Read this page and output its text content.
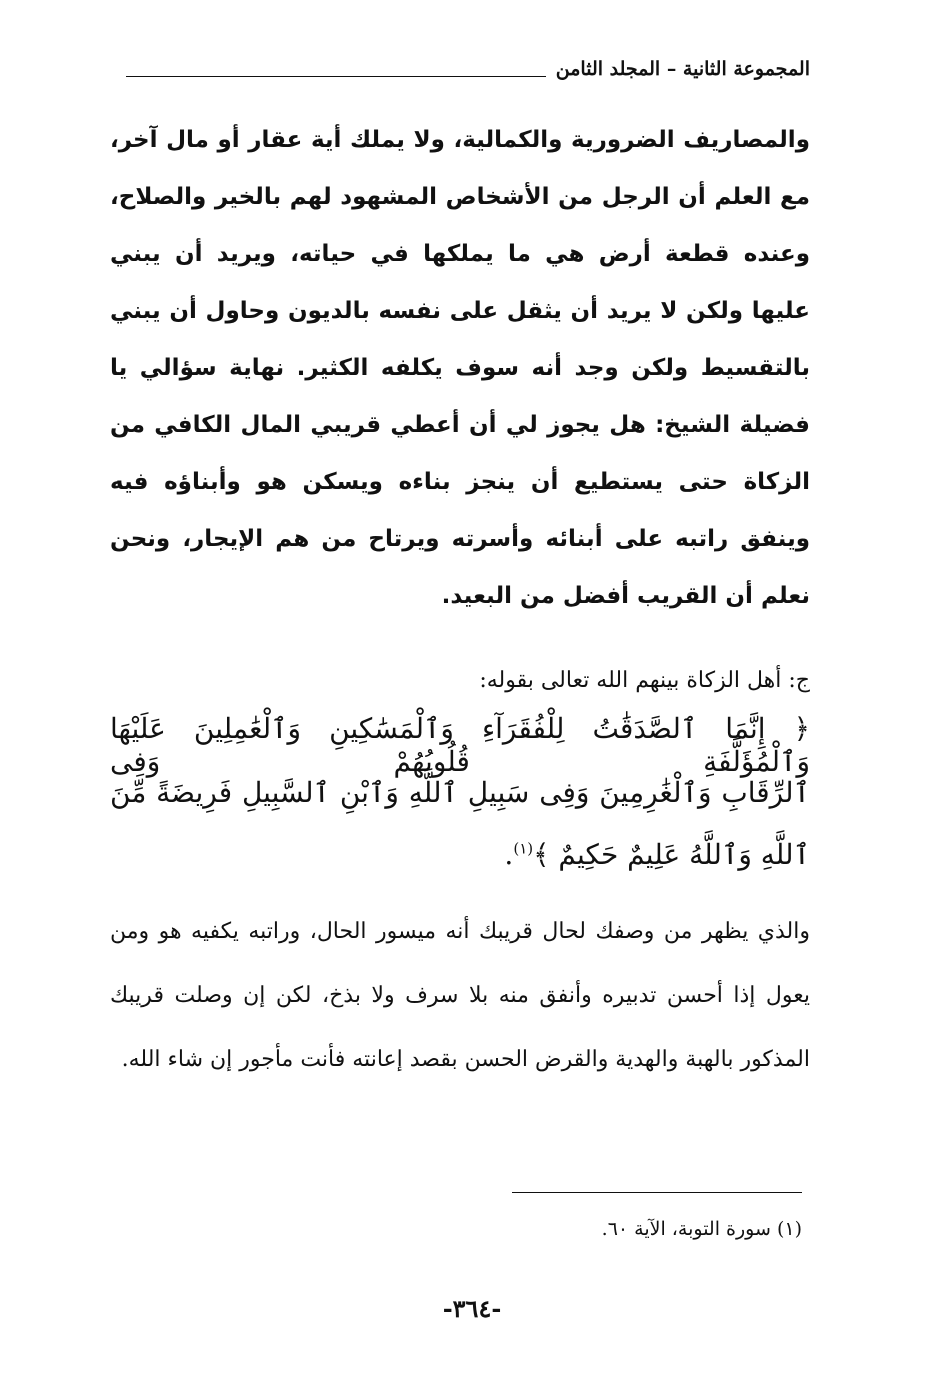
المجموعة الثانية – المجلد الثامن

والمصاريف الضرورية والكمالية، ولا يملك أية عقار أو مال آخر، مع العلم أن الرجل من الأشخاص المشهود لهم بالخير والصلاح، وعنده قطعة أرض هي ما يملكها في حياته، ويريد أن يبني عليها ولكن لا يريد أن يثقل على نفسه بالديون وحاول أن يبني بالتقسيط ولكن وجد أنه سوف يكلفه الكثير. نهاية سؤالي يا فضيلة الشيخ: هل يجوز لي أن أعطي قريبي المال الكافي من الزكاة حتى يستطيع أن ينجز بناءه ويسكن هو وأبناؤه فيه وينفق راتبه على أبنائه وأسرته ويرتاح من هم الإيجار، ونحن نعلم أن القريب أفضل من البعيد.

ج: أهل الزكاة بينهم الله تعالى بقوله:

﴿ إِنَّمَا ٱلصَّدَقَٰتُ لِلْفُقَرَآءِ وَٱلْمَسَٰكِينِ وَٱلْعَٰمِلِينَ عَلَيْهَا وَٱلْمُؤَلَّفَةِ قُلُوبُهُمْ وَفِى

ٱلرِّقَابِ وَٱلْغَٰرِمِينَ وَفِى سَبِيلِ ٱللَّهِ وَٱبْنِ ٱلسَّبِيلِ فَرِيضَةً مِّنَ

ٱللَّهِ وَٱللَّهُ عَلِيمٌ حَكِيمٌ ﴾$^{(١)}$.

والذي يظهر من وصفك لحال قريبك أنه ميسور الحال، وراتبه يكفيه هو ومن يعول إذا أحسن تدبيره وأنفق منه بلا سرف ولا بذخ، لكن إن وصلت قريبك المذكور بالهبة والهدية والقرض الحسن بقصد إعانته فأنت مأجور إن شاء الله.

(١) سورة التوبة، الآية ٦٠.
-٣٦٤-
